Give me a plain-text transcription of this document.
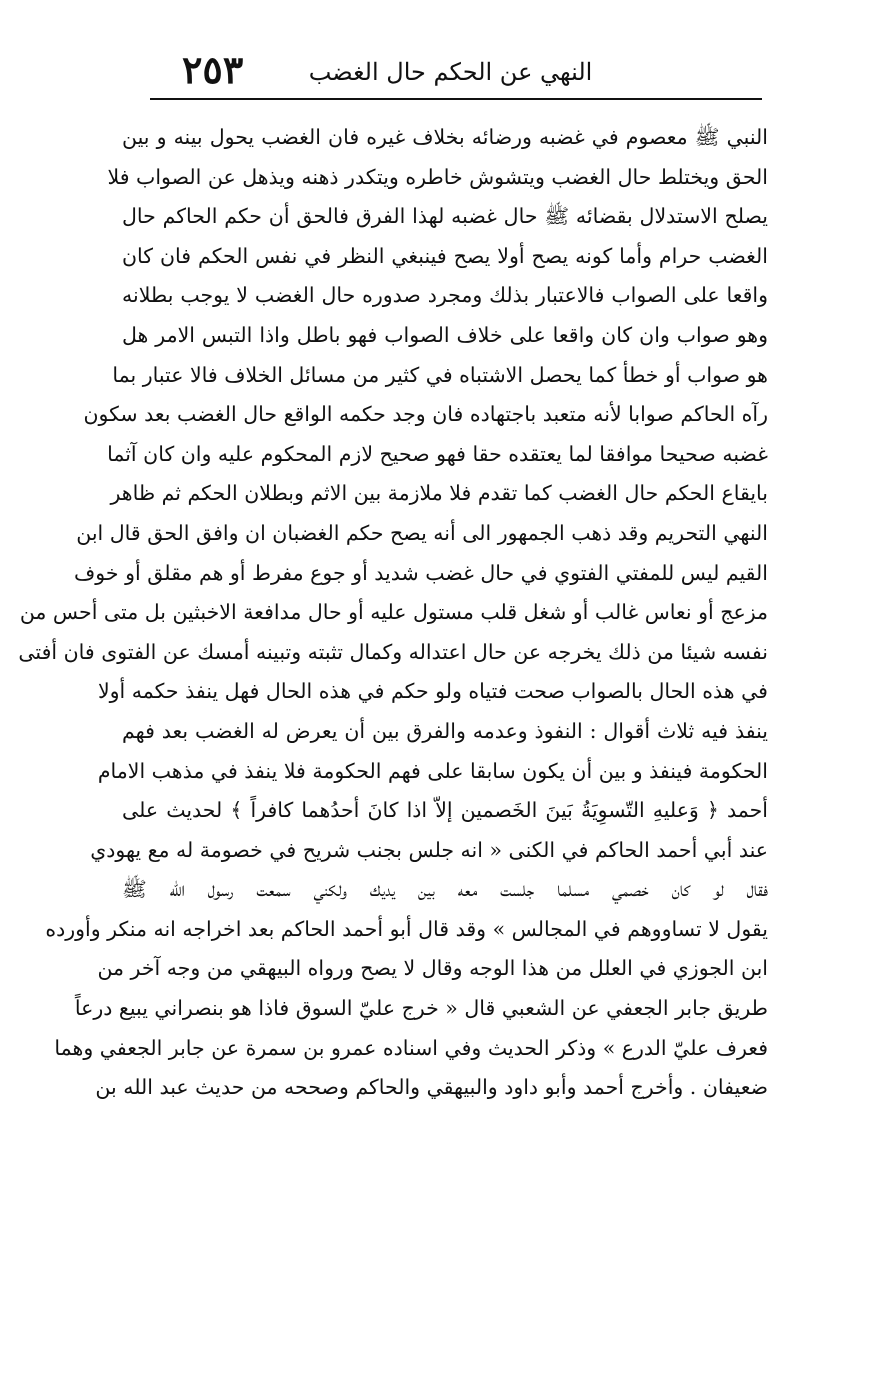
٢٥٣	النهي عن الحكم حال الغضب
النبي ﷺ معصوم في غضبه ورضائه بخلاف غيره فان الغضب يحول بينه و بين
الحق ويختلط حال الغضب ويتشوش خاطره ويتكدر ذهنه ويذهل عن الصواب فلا
يصلح الاستدلال بقضائه ﷺ حال غضبه لهذا الفرق فالحق أن حكم الحاكم حال
الغضب حرام وأما كونه يصح أولا يصح فينبغي النظر في نفس الحكم فان كان
واقعا على الصواب فالاعتبار بذلك ومجرد صدوره حال الغضب لا يوجب بطلانه
وهو صواب وان كان واقعا على خلاف الصواب فهو باطل واذا التبس الامر هل
هو صواب أو خطأ كما يحصل الاشتباه في كثير من مسائل الخلاف فالا عتبار بما
رآه الحاكم صوابا لأنه متعبد باجتهاده فان وجد حكمه الواقع حال الغضب بعد سكون
غضبه صحيحا موافقا لما يعتقده حقا فهو صحيح لازم المحكوم عليه وان كان آثما
بايقاع الحكم حال الغضب كما تقدم فلا ملازمة بين الاثم وبطلان الحكم ثم ظاهر
النهي التحريم وقد ذهب الجمهور الى أنه يصح حكم الغضبان ان وافق الحق قال ابن
القيم ليس للمفتي الفتوي في حال غضب شديد أو جوع مفرط أو هم مقلق أو خوف
مزعج أو نعاس غالب أو شغل قلب مستول عليه أو حال مدافعة الاخبثين بل متى أحس من
نفسه شيئا من ذلك يخرجه عن حال اعتداله وكمال تثبته وتبينه أمسك عن الفتوى فان أفتى
في هذه الحال بالصواب صحت فتياه ولو حكم في هذه الحال فهل ينفذ حكمه أولا
ينفذ فيه ثلاث أقوال : النفوذ وعدمه والفرق بين أن يعرض له الغضب بعد فهم
الحكومة فينفذ و بين أن يكون سابقا على فهم الحكومة فلا ينفذ في مذهب الامام
أحمد ﴿ وَعليهِ التّسوِيَةُ بَينَ الخَصمين إلاّ اذا كانَ أحدُهما كافراً ﴾ لحديث على
عند أبي أحمد الحاكم في الكنى « انه جلس بجنب شريح في خصومة له مع يهودي
فقال لو كان خصمي مسلما جلست معه بين يديك ولكني سمعت رسول الله ﷺ
يقول لا تساووهم في المجالس » وقد قال أبو أحمد الحاكم بعد اخراجه انه منكر وأورده
ابن الجوزي في العلل من هذا الوجه وقال لا يصح ورواه البيهقي من وجه آخر من
طريق جابر الجعفي عن الشعبي قال « خرج عليّ السوق فاذا هو بنصراني يبيع درعاً
فعرف عليّ الدرع » وذكر الحديث وفي اسناده عمرو بن سمرة عن جابر الجعفي وهما
ضعيفان . وأخرج أحمد وأبو داود والبيهقي والحاكم وصححه من حديث عبد الله بن
